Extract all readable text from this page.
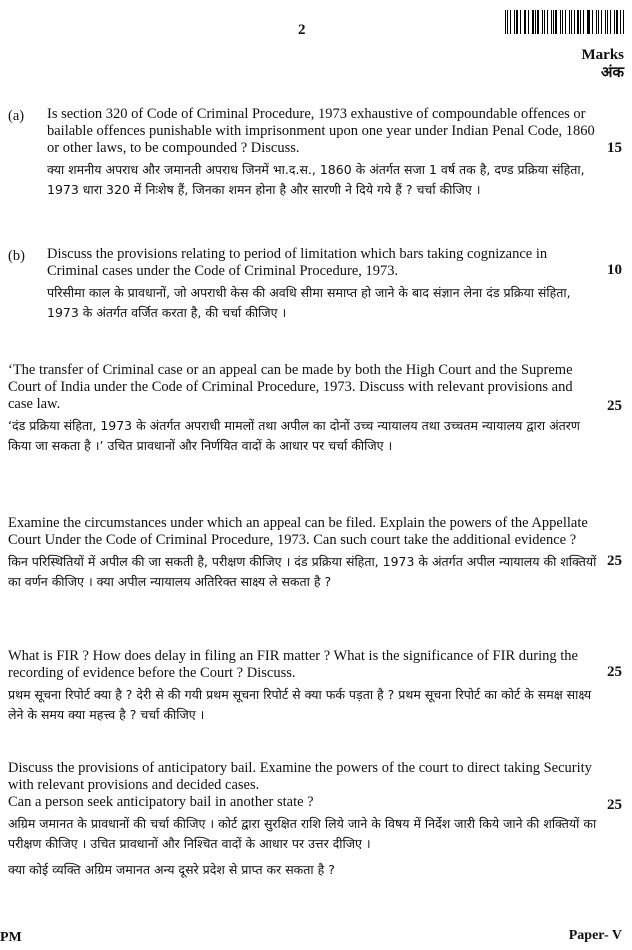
2
Marks
अंक
(a) Is section 320 of Code of Criminal Procedure, 1973 exhaustive of compoundable offences or bailable offences punishable with imprisonment upon one year under Indian Penal Code, 1860 or other laws, to be compounded ? Discuss.
क्या शमनीय अपराध और जमानती अपराध जिनमें भा.द.स., 1860 के अंतर्गत सजा 1 वर्ष तक है, दण्ड प्रक्रिया संहिता, 1973 धारा 320 में निःशेष हैं, जिनका शमन होना है और सारणी ने दिये गये हैं ? चर्चा कीजिए ।
15
(b) Discuss the provisions relating to period of limitation which bars taking cognizance in Criminal cases under the Code of Criminal Procedure, 1973.
परिसीमा काल के प्रावधानों, जो अपराधी केस की अवधि सीमा समाप्त हो जाने के बाद संज्ञान लेना दंड प्रक्रिया संहिता, 1973 के अंतर्गत वर्जित करता है, की चर्चा कीजिए ।
10
‘The transfer of Criminal case or an appeal can be made by both the High Court and the Supreme Court of India under the Code of Criminal Procedure, 1973. Discuss with relevant provisions and case law.
‘दंड प्रक्रिया संहिता, 1973 के अंतर्गत अपराधी मामलों तथा अपील का दोनों उच्च न्यायालय तथा उच्चतम न्यायालय द्वारा अंतरण किया जा सकता है ।’ उचित प्रावधानों और निर्णयित वादों के आधार पर चर्चा कीजिए ।
25
Examine the circumstances under which an appeal can be filed. Explain the powers of the Appellate Court Under the Code of Criminal Procedure, 1973. Can such court take the additional evidence ?
किन परिस्थितियों में अपील की जा सकती है, परीक्षण कीजिए । दंड प्रक्रिया संहिता, 1973 के अंतर्गत अपील न्यायालय की शक्तियों का वर्णन कीजिए । क्या अपील न्यायालय अतिरिक्त साक्ष्य ले सकता है ?
25
What is FIR ? How does delay in filing an FIR matter ? What is the significance of FIR during the recording of evidence before the Court ? Discuss.
प्रथम सूचना रिपोर्ट क्या है ? देरी से की गयी प्रथम सूचना रिपोर्ट से क्या फर्क पड़ता है ? प्रथम सूचना रिपोर्ट का कोर्ट के समक्ष साक्ष्य लेने के समय क्या महत्त्व है ? चर्चा कीजिए ।
25
Discuss the provisions of anticipatory bail. Examine the powers of the court to direct taking Security with relevant provisions and decided cases.
Can a person seek anticipatory bail in another state ?
अग्रिम जमानत के प्रावधानों की चर्चा कीजिए । कोर्ट द्वारा सुरक्षित राशि लिये जाने के विषय में निर्देश जारी किये जाने की शक्तियों का परीक्षण कीजिए । उचित प्रावधानों और निश्चित वादों के आधार पर उत्तर दीजिए ।
क्या कोई व्यक्ति अग्रिम जमानत अन्य दूसरे प्रदेश से प्राप्त कर सकता है ?
25
PM	Paper- V
